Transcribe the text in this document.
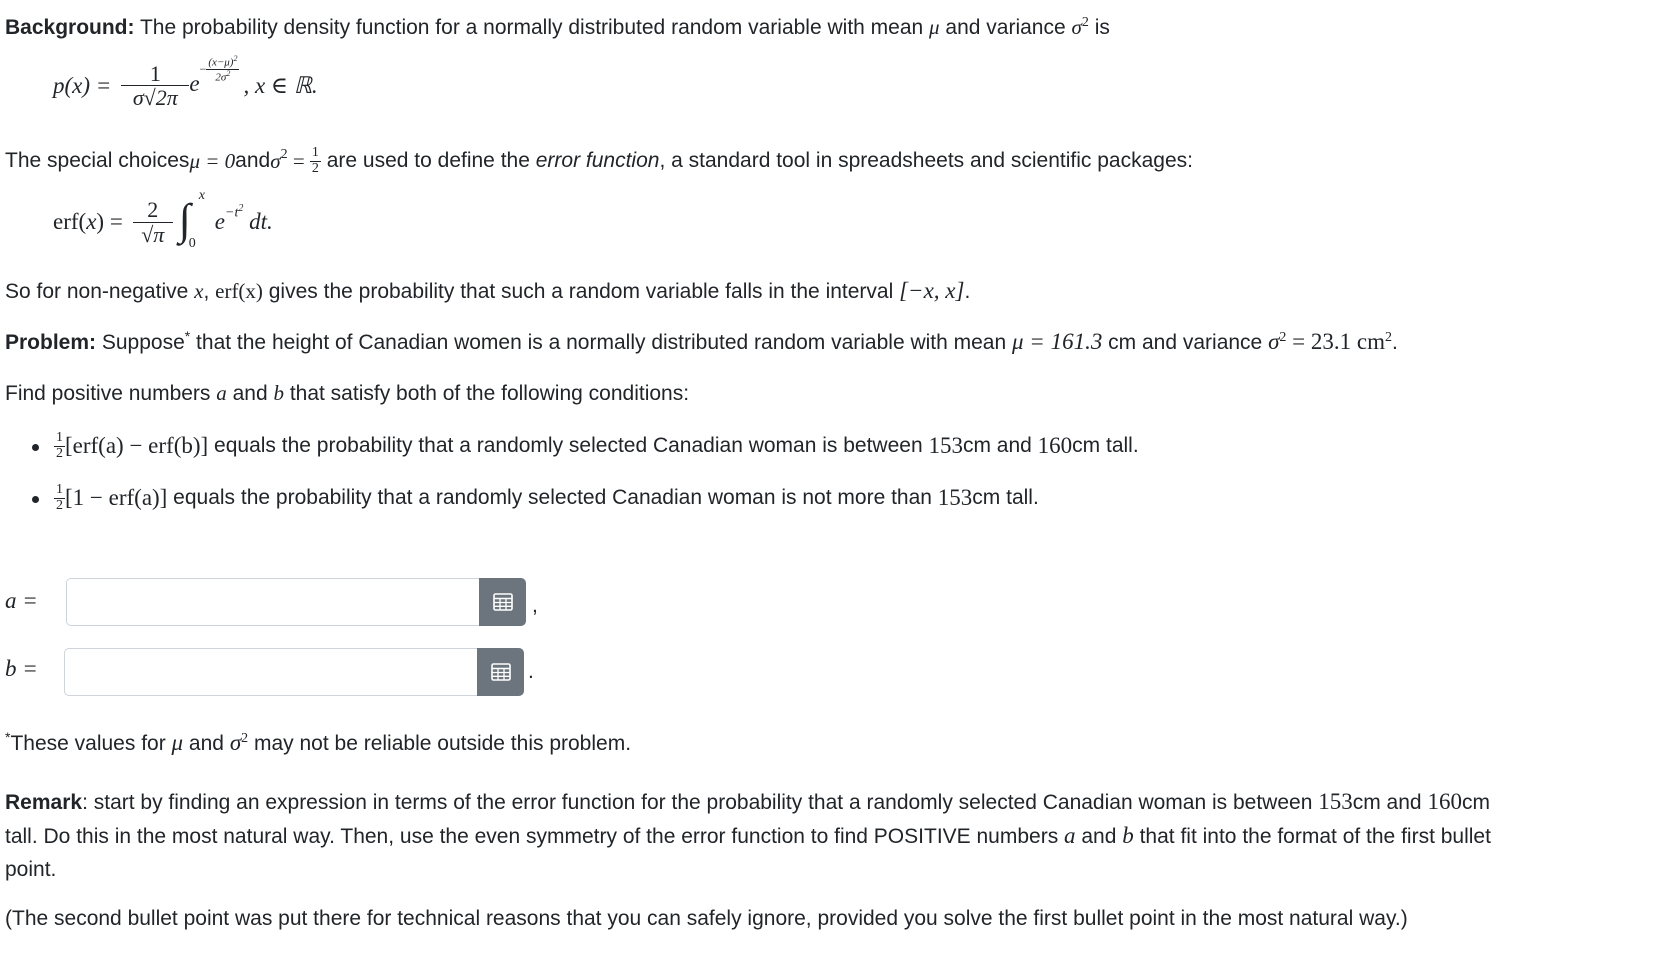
Background: The probability density function for a normally distributed random variable with mean μ and variance $\sigma^2$ is
$p(x) = \frac{1}{\sigma√2\pi}$ e
− $\frac{(x-\mu)^2}{2\sigma^2}$
, x ∈ ℝ.
The special choices μ = 0 and $\sigma^2 = \frac{1}{2}$ are used to define the error function , a standard tool in spreadsheets and scientific packages:
$erf(x) = \frac{2}{√\pi}$ ∫ x
0
e $^{-t^2}$
dt.
So for non-negative x, erf(x) gives the probability that such a random variable falls in the interval [−x, x].
Problem: Suppose* that the height of Canadian women is a normally distributed random variable with mean μ = 161.3 cm and variance $\sigma^2 = 23.1$ $cm^2$.
Find positive numbers a and b that satisfy both of the following conditions:
$\frac{1}{2} [erf(a) - erf(b)]$ equals the probability that a randomly selected Canadian woman is between 153 cm and 160 cm tall.
$\frac{1}{2} [1 - erf(a)]$ equals the probability that a randomly selected Canadian woman is not more than 153 cm tall.
a =	,
b =	.
*These values for μ and $\sigma^2$ may not be reliable outside this problem.
Remark: start by finding an expression in terms of the error function for the probability that a randomly selected Canadian woman is between 153cm and 160cm
tall. Do this in the most natural way. Then, use the even symmetry of the error function to find POSITIVE numbers a and b that fit into the format of the first bullet
point.
(The second bullet point was put there for technical reasons that you can safely ignore, provided you solve the first bullet point in the most natural way.)
